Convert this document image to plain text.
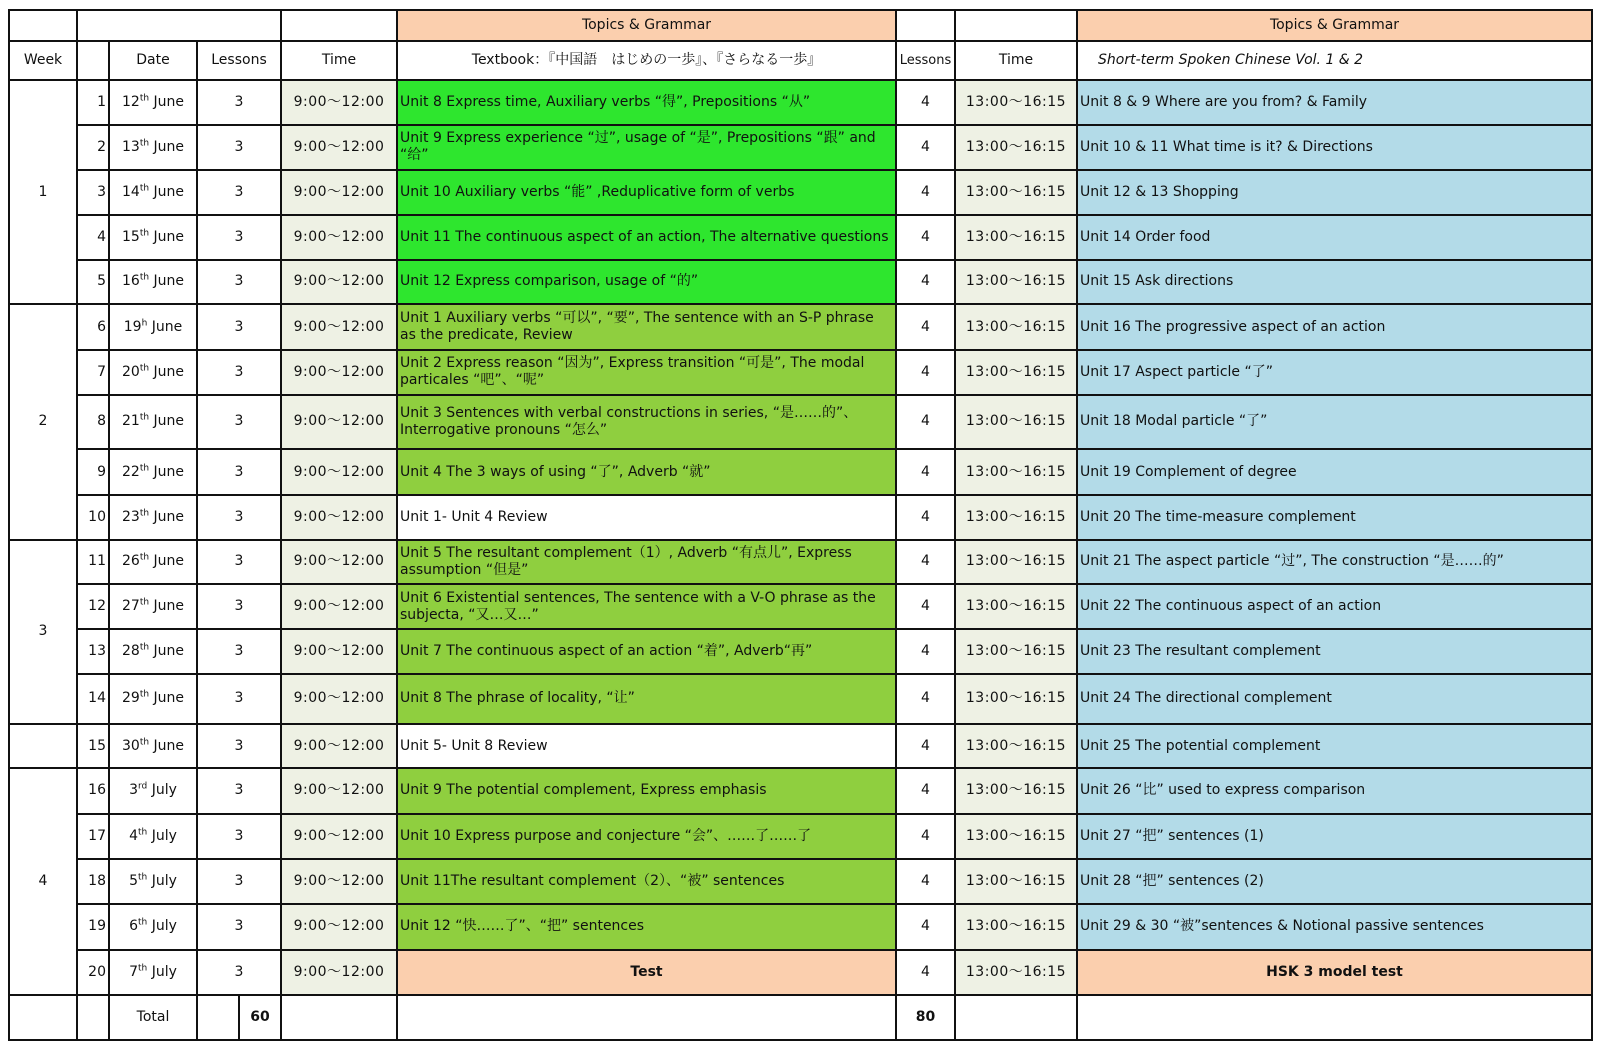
						Topics & Grammar			Topics & Grammar
Week		Date	Lessons		Time	Textbook：『中国語　はじめの一歩』、『さらなる一歩』	Lessons	Time	Short-term Spoken Chinese Vol. 1 & 2
1	1	12th June	3		9:00～12:00	Unit 8 Express time, Auxiliary verbs “得”, Prepositions “从”	4	13:00～16:15	Unit 8 & 9 Where are you from? & Family
	2	13th June	3		9:00～12:00	Unit 9 Express experience “过”, usage of “是”, Prepositions “跟” and “给”	4	13:00～16:15	Unit 10 & 11 What time is it? & Directions
	3	14th June	3		9:00～12:00	Unit 10 Auxiliary verbs “能” ,Reduplicative form of verbs	4	13:00～16:15	Unit 12 & 13 Shopping
	4	15th June	3		9:00～12:00	Unit 11 The continuous aspect of an action, The alternative questions	4	13:00～16:15	Unit 14 Order food
	5	16th June	3		9:00～12:00	Unit 12 Express comparison, usage of “的”	4	13:00～16:15	Unit 15 Ask directions
2	6	19$^h$ June	3		9:00～12:00	Unit 1 Auxiliary verbs “可以”, “要”, The sentence with an S-P phrase as the predicate, Review	4	13:00～16:15	Unit 16 The progressive aspect of an action
	7	20th June	3		9:00～12:00	Unit 2 Express reason “因为”, Express transition “可是”, The modal particales “吧”、“呢”	4	13:00～16:15	Unit 17 Aspect particle “了”
	8	21th June	3		9:00～12:00	Unit 3 Sentences with verbal constructions in series, “是……的”、Interrogative pronouns “怎么”	4	13:00～16:15	Unit 18 Modal particle “了”
	9	22th June	3		9:00～12:00	Unit 4 The 3 ways of using “了”, Adverb “就”	4	13:00～16:15	Unit 19 Complement of degree
	10	23th June	3		9:00～12:00	Unit 1- Unit 4 Review	4	13:00～16:15	Unit 20 The time-measure complement
3	11	26th June	3		9:00～12:00	Unit 5 The resultant complement（1）, Adverb “有点儿”, Express assumption “但是”	4	13:00～16:15	Unit 21 The aspect particle “过”, The construction “是……的”
	12	27th June	3		9:00～12:00	Unit 6 Existential sentences, The sentence with a V-O phrase as the subjecta, “又…又…”	4	13:00～16:15	Unit 22 The continuous aspect of an action
	13	28th June	3		9:00～12:00	Unit 7 The continuous aspect of an action “着”, Adverb“再”	4	13:00～16:15	Unit 23 The resultant complement
	14	29th June	3		9:00～12:00	Unit 8 The phrase of locality, “让”	4	13:00～16:15	Unit 24 The directional complement
	15	30th June	3		9:00～12:00	Unit 5- Unit 8 Review	4	13:00～16:15	Unit 25 The potential complement
4	16	3rd July	3		9:00～12:00	Unit 9 The potential complement, Express emphasis	4	13:00～16:15	Unit 26 “比” used to express comparison
	17	4th July	3		9:00～12:00	Unit 10 Express purpose and conjecture “会”、……了……了	4	13:00～16:15	Unit 27 “把” sentences (1)
	18	5th July	3		9:00～12:00	Unit 11The resultant complement（2）、“被” sentences	4	13:00～16:15	Unit 28 “把” sentences (2)
	19	6th July	3		9:00～12:00	Unit 12 “快……了”、“把” sentences	4	13:00～16:15	Unit 29 & 30 “被”sentences & Notional passive sentences
	20	7th July	3		9:00～12:00	Test	4	13:00～16:15	HSK 3 model test
		Total		60			80		
